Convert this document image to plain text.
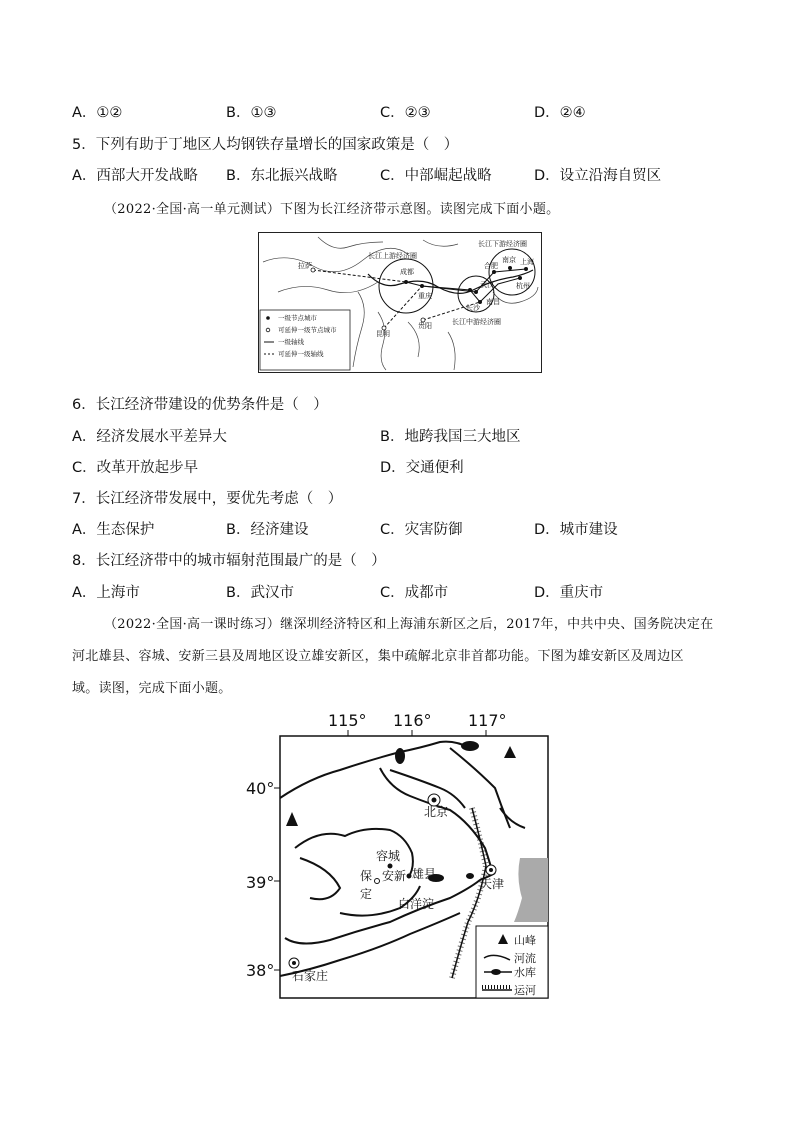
A．①②	B．①③	C．②③	D．②④
5．下列有助于丁地区人均钢铁存量增长的国家政策是（　）
A．西部大开发战略	B．东北振兴战略	C．中部崛起战略	D．设立沿海自贸区
（2022·全国·高一单元测试）下图为长江经济带示意图。读图完成下面小题。
拉萨
成都
重庆
昆明
贵阳
合肥
南京 上海
杭州
武汉
南昌
长沙
长江上游经济圈
长江中游经济圈
长江下游经济圈
一级节点城市
可延伸一级节点城市
一级轴线
可延伸一级轴线
6．长江经济带建设的优势条件是（　）
A．经济发展水平差异大	B．地跨我国三大地区
C．改革开放起步早	D．交通便利
7．长江经济带发展中，要优先考虑（　）
A．生态保护	B．经济建设	C．灾害防御	D．城市建设
8．长江经济带中的城市辐射范围最广的是（　）
A．上海市	B．武汉市	C．成都市	D．重庆市
（2022·全国·高一课时练习）继深圳经济特区和上海浦东新区之后，2017年，中共中央、国务院决定在
河北雄县、容城、安新三县及周地区设立雄安新区，集中疏解北京非首都功能。下图为雄安新区及周边区
域。读图，完成下面小题。
115° 116° 117°
40°
39°
38°
北京
天津
容城
雄县
安新
保
定
白洋淀
石家庄
山峰
河流
水库
运河
